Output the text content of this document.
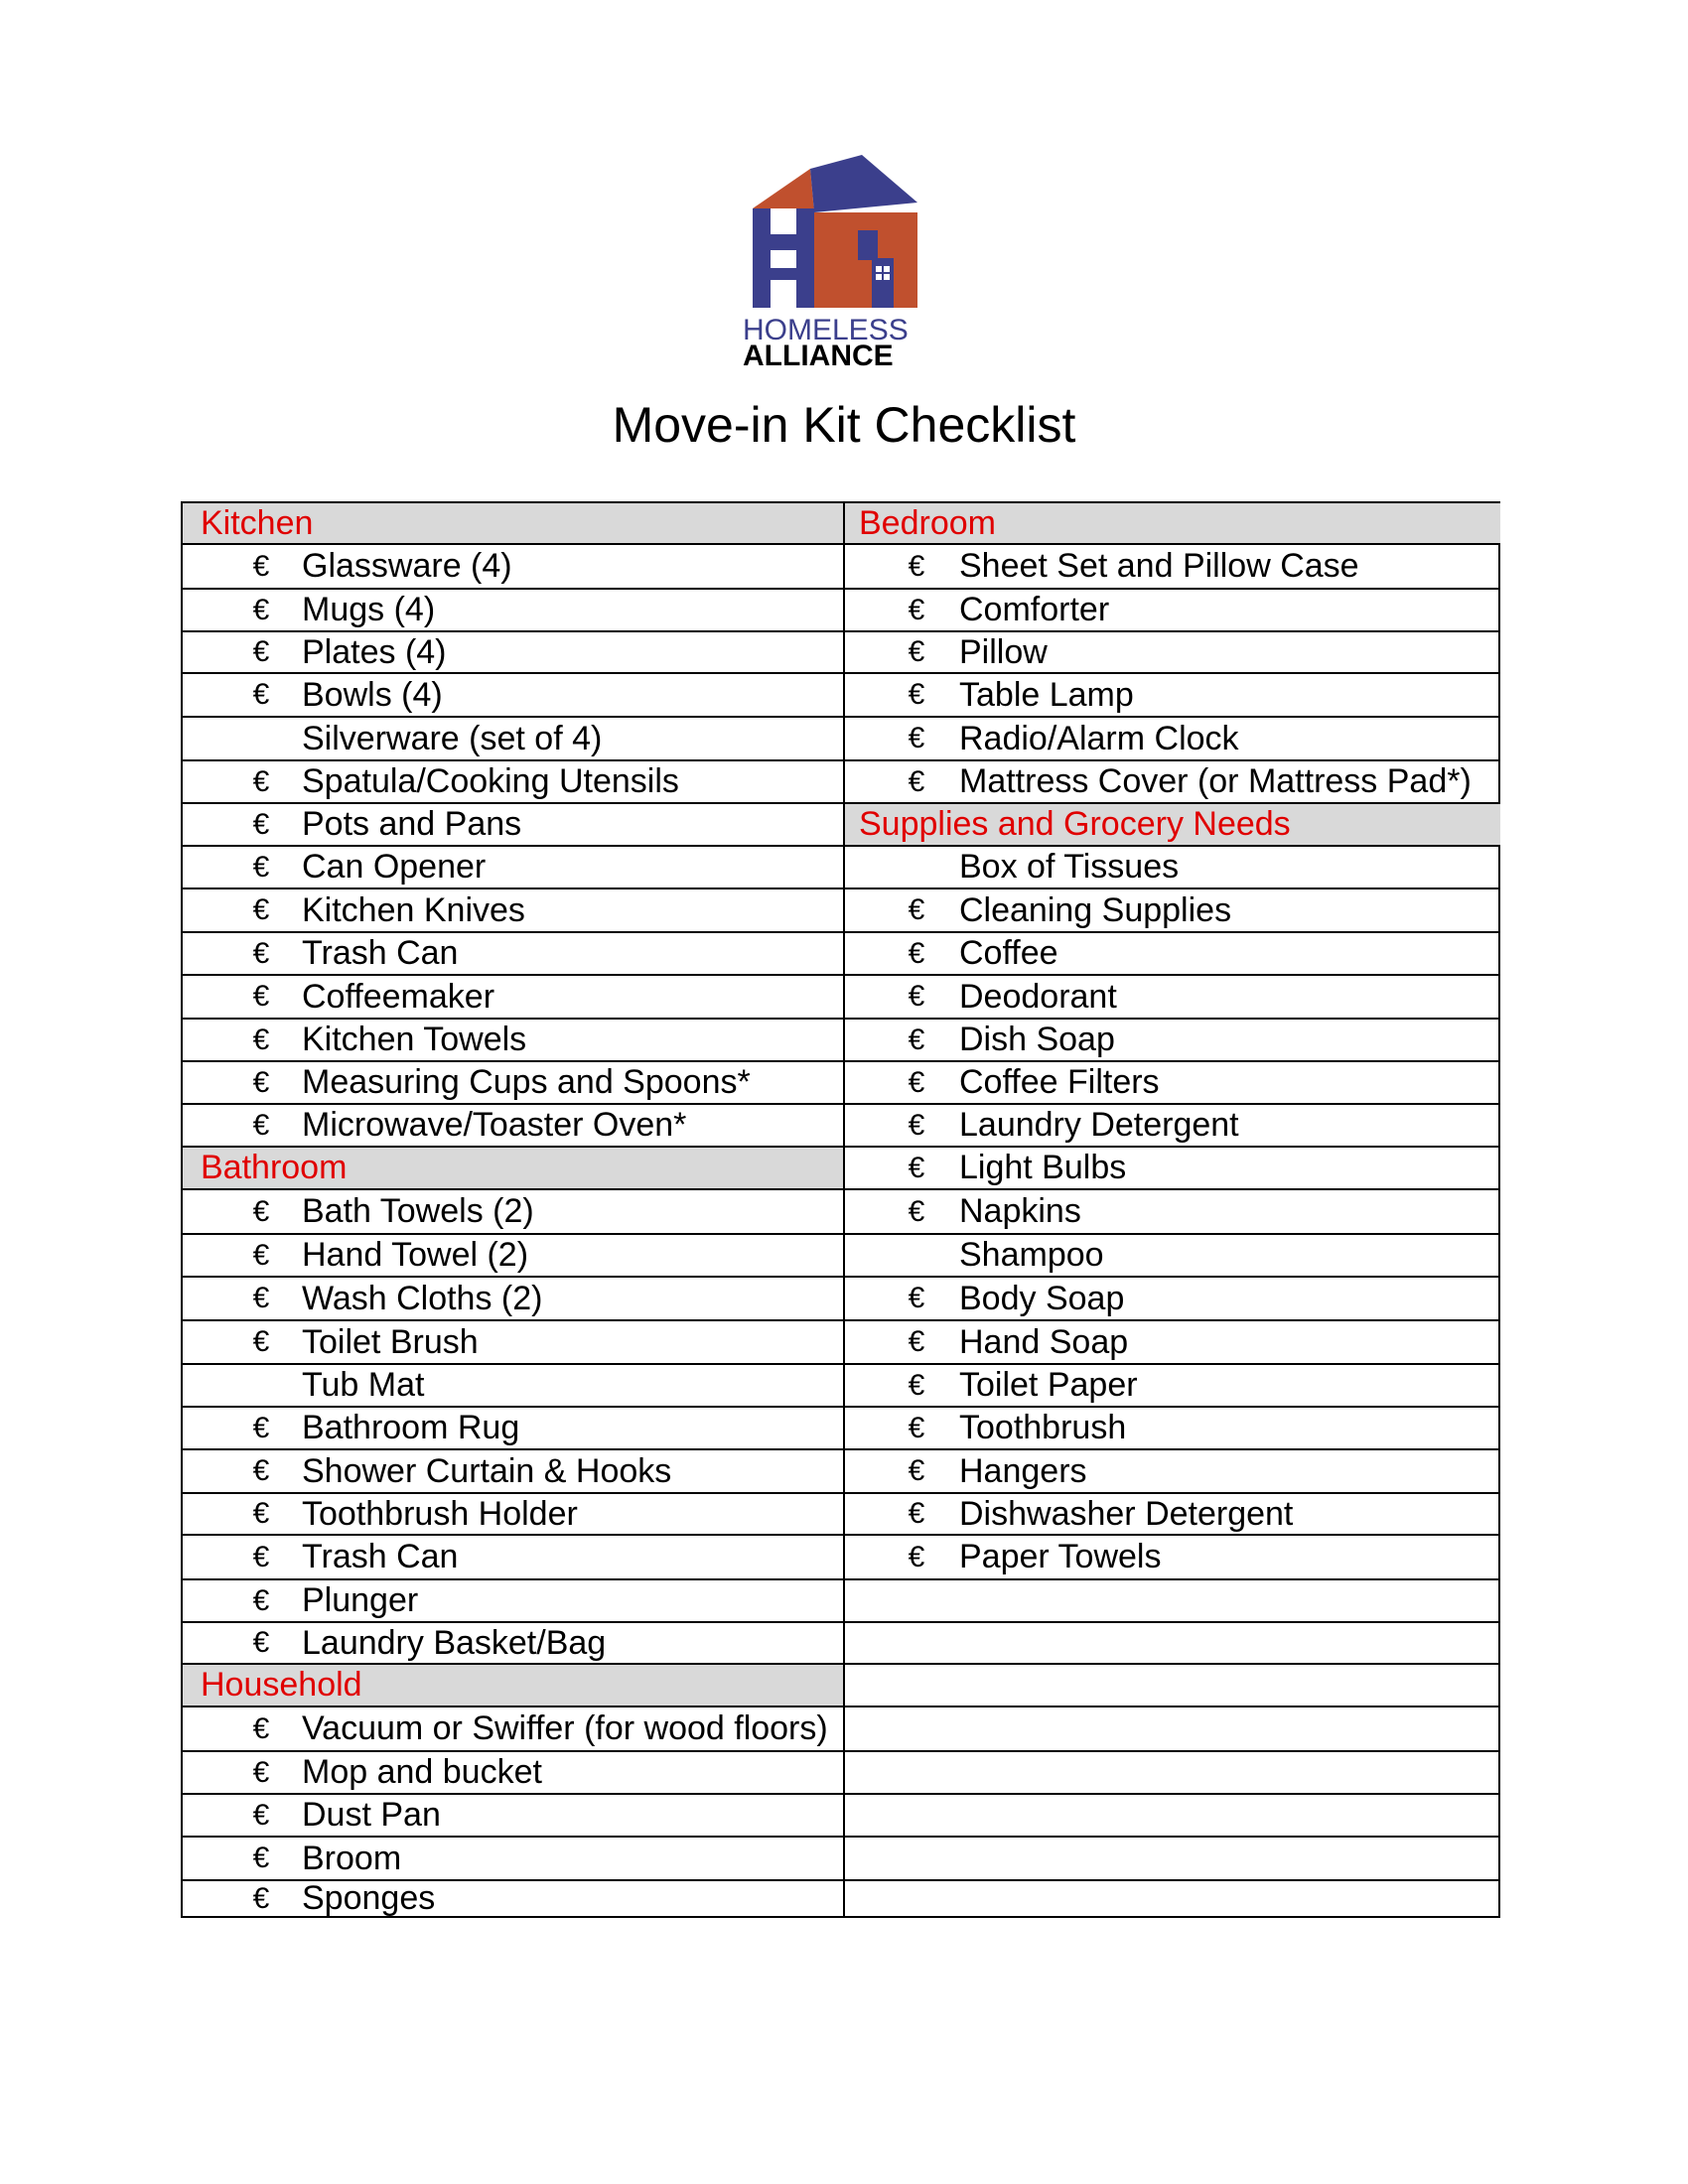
HOMELESS
ALLIANCE
Move-in Kit Checklist
Kitchen
€ Glassware (4)
€ Mugs (4)
€ Plates (4)
€ Bowls (4)
Silverware (set of 4)
€ Spatula/Cooking Utensils
€ Pots and Pans
€ Can Opener
€ Kitchen Knives
€ Trash Can
€ Coffeemaker
€ Kitchen Towels
€ Measuring Cups and Spoons*
€ Microwave/Toaster Oven*
Bathroom
€ Bath Towels (2)
€ Hand Towel (2)
€ Wash Cloths (2)
€ Toilet Brush
Tub Mat
€ Bathroom Rug
€ Shower Curtain & Hooks
€ Toothbrush Holder
€ Trash Can
€ Plunger
€ Laundry Basket/Bag
Household
€ Vacuum or Swiffer (for wood floors)
€ Mop and bucket
€ Dust Pan
€ Broom
€ Sponges
Bedroom
€ Sheet Set and Pillow Case
€ Comforter
€ Pillow
€ Table Lamp
€ Radio/Alarm Clock
€ Mattress Cover (or Mattress Pad*)
Supplies and Grocery Needs
Box of Tissues
€ Cleaning Supplies
€ Coffee
€ Deodorant
€ Dish Soap
€ Coffee Filters
€ Laundry Detergent
€ Light Bulbs
€ Napkins
Shampoo
€ Body Soap
€ Hand Soap
€ Toilet Paper
€ Toothbrush
€ Hangers
€ Dishwasher Detergent
€ Paper Towels
